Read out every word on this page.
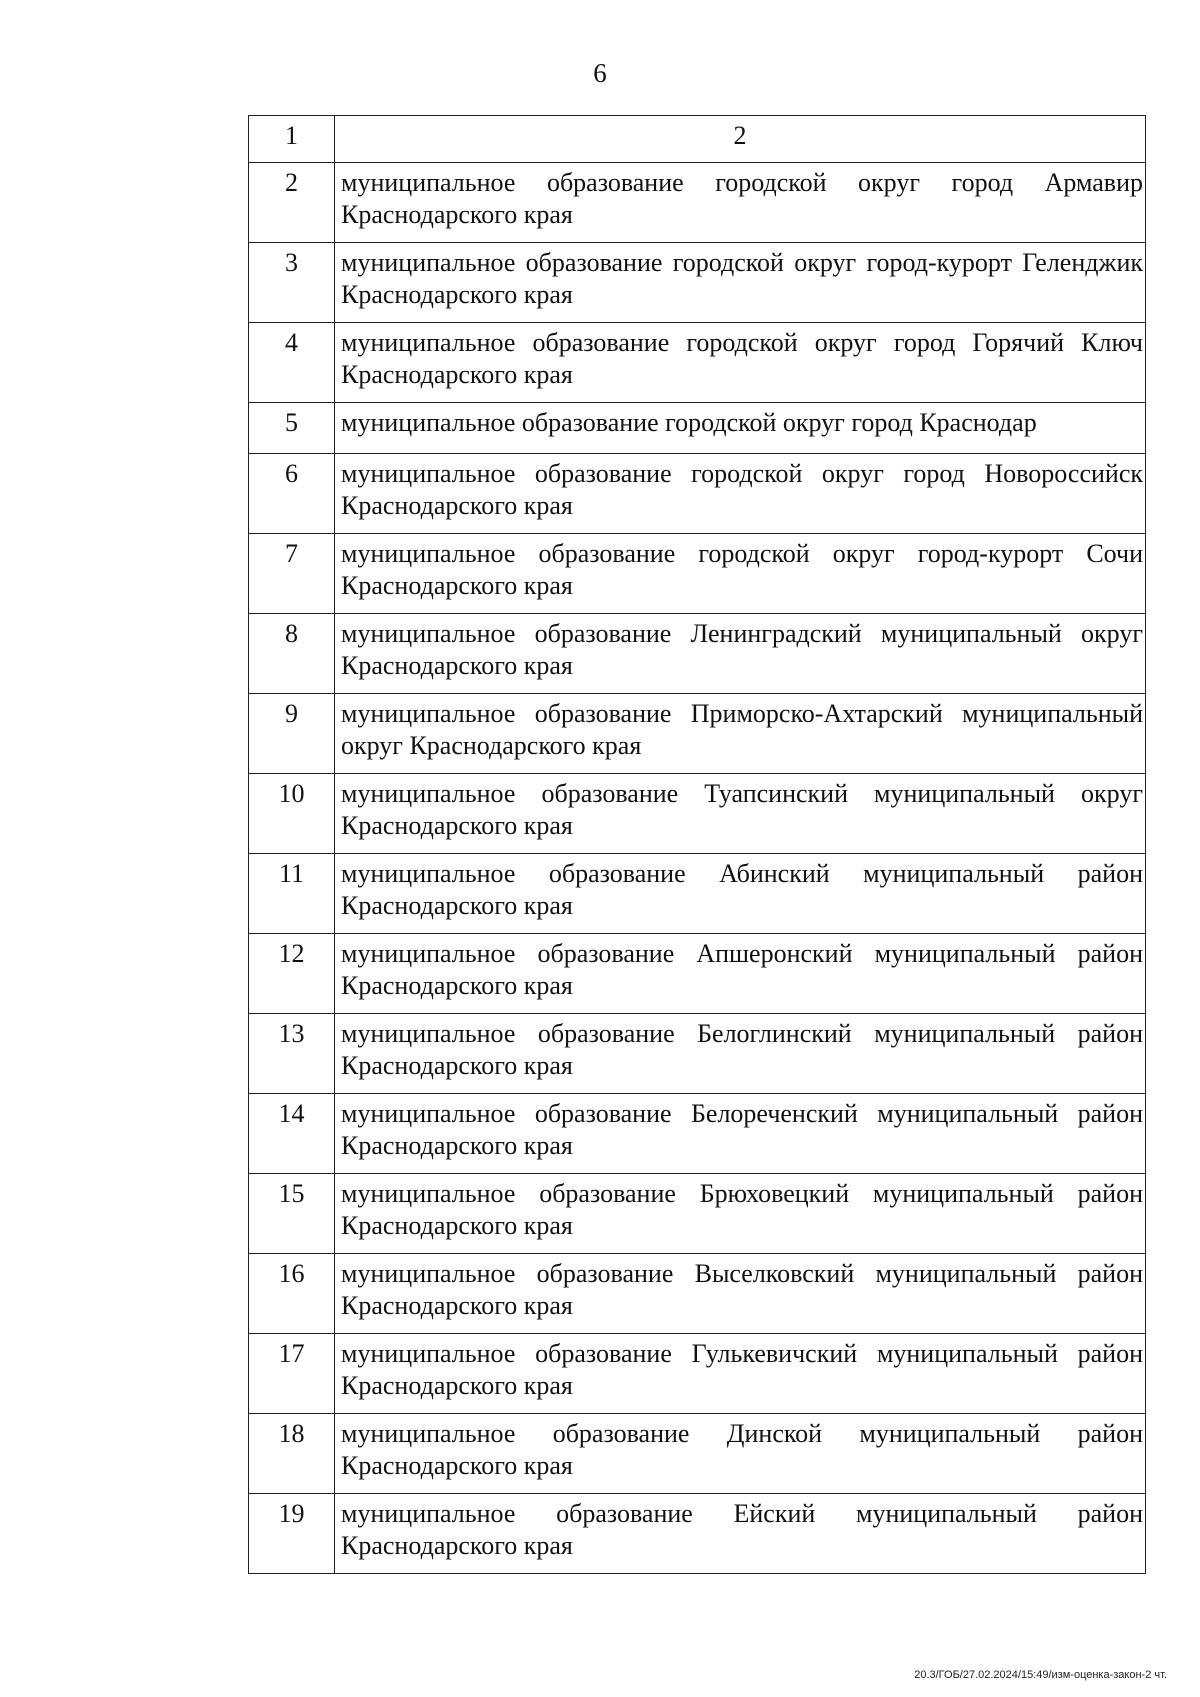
6
1	2
2	муниципальное образование городской округ город Армавир Краснодарского края
3	муниципальное образование городской округ город-курорт Геленджик Краснодарского края
4	муниципальное образование городской округ город Горячий Ключ Краснодарского края
5	муниципальное образование городской округ город Краснодар
6	муниципальное образование городской округ город Новороссийск Краснодарского края
7	муниципальное образование городской округ город-курорт Сочи Краснодарского края
8	муниципальное образование Ленинградский муниципальный округ Краснодарского края
9	муниципальное образование Приморско-Ахтарский муниципальный округ Краснодарского края
10	муниципальное образование Туапсинский муниципальный округ Краснодарского края
11	муниципальное образование Абинский муниципальный район Краснодарского края
12	муниципальное образование Апшеронский муниципальный район Краснодарского края
13	муниципальное образование Белоглинский муниципальный район Краснодарского края
14	муниципальное образование Белореченский муниципальный район Краснодарского края
15	муниципальное образование Брюховецкий муниципальный район Краснодарского края
16	муниципальное образование Выселковский муниципальный район Краснодарского края
17	муниципальное образование Гулькевичский муниципальный район Краснодарского края
18	муниципальное образование Динской муниципальный район Краснодарского края
19	муниципальное образование Ейский муниципальный район Краснодарского края
20.3/ГОБ/27.02.2024/15:49/изм-оценка-закон-2 чт.
